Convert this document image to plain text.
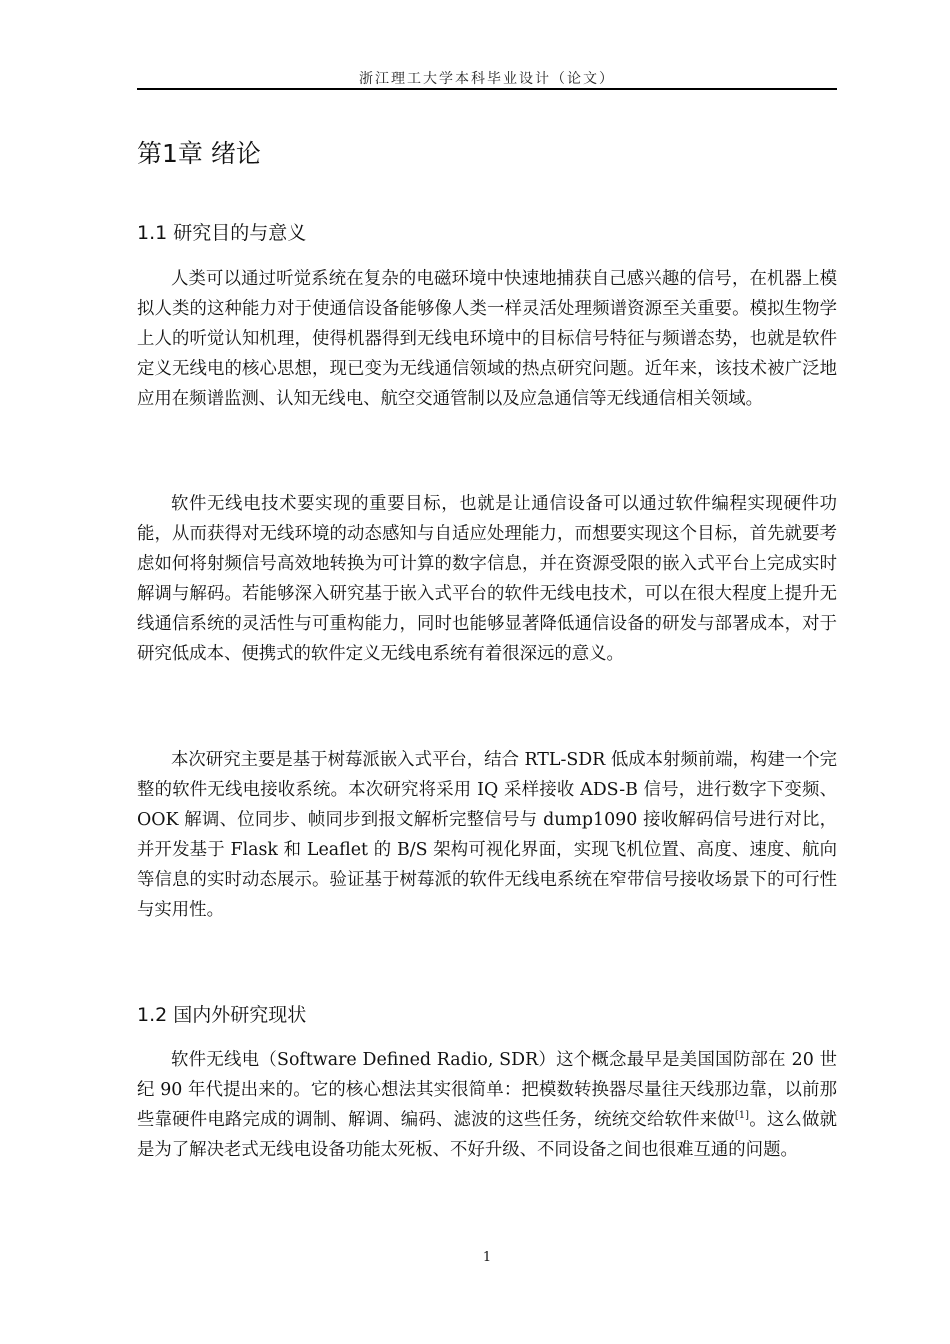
浙江理工大学本科毕业设计（论文）
第1章 绪论
1.1 研究目的与意义

人类可以通过听觉系统在复杂的电磁环境中快速地捕获自己感兴趣的信号，在机器上模拟人类的这种能力对于使通信设备能够像人类一样灵活处理频谱资源至关重要。模拟生物学上人的听觉认知机理，使得机器得到无线电环境中的目标信号特征与频谱态势，也就是软件定义无线电的核心思想，现已变为无线通信领域的热点研究问题。近年来，该技术被广泛地应用在频谱监测、认知无线电、航空交通管制以及应急通信等无线通信相关领域。

软件无线电技术要实现的重要目标，也就是让通信设备可以通过软件编程实现硬件功能，从而获得对无线环境的动态感知与自适应处理能力，而想要实现这个目标，首先就要考虑如何将射频信号高效地转换为可计算的数字信息，并在资源受限的嵌入式平台上完成实时解调与解码。若能够深入研究基于嵌入式平台的软件无线电技术，可以在很大程度上提升无线通信系统的灵活性与可重构能力，同时也能够显著降低通信设备的研发与部署成本，对于研究低成本、便携式的软件定义无线电系统有着很深远的意义。

本次研究主要是基于树莓派嵌入式平台，结合 RTL-SDR 低成本射频前端，构建一个完整的软件无线电接收系统。本次研究将采用 IQ 采样接收 ADS-B 信号，进行数字下变频、OOK 解调、位同步、帧同步到报文解析完整信号与 dump1090 接收解码信号进行对比，并开发基于 Flask 和 Leaflet 的 B/S 架构可视化界面，实现飞机位置、高度、速度、航向等信息的实时动态展示。验证基于树莓派的软件无线电系统在窄带信号接收场景下的可行性与实用性。

1.2 国内外研究现状

软件无线电（Software Defined Radio, SDR）这个概念最早是美国国防部在 20 世纪 90 年代提出来的。它的核心想法其实很简单：把模数转换器尽量往天线那边靠，以前那些靠硬件电路完成的调制、解调、编码、滤波的这些任务，统统交给软件来做[1]。这么做就是为了解决老式无线电设备功能太死板、不好升级、不同设备之间也很难互通的问题。

1
